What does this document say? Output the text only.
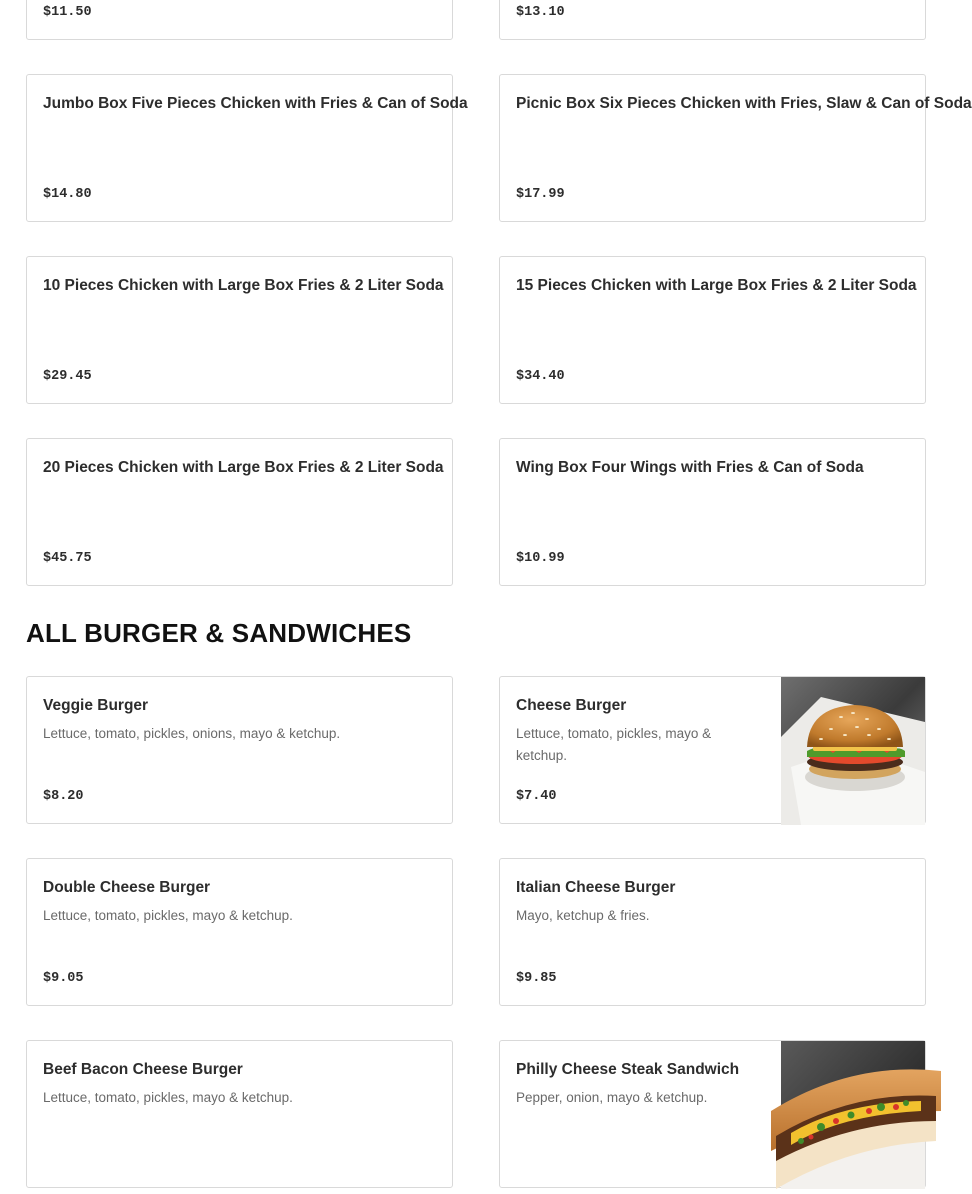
$11.50	$13.10
Jumbo Box Five Pieces Chicken with Fries & Can of Soda
$14.80
Picnic Box Six Pieces Chicken with Fries, Slaw & Can of Soda
$17.99
10 Pieces Chicken with Large Box Fries & 2 Liter Soda
$29.45
15 Pieces Chicken with Large Box Fries & 2 Liter Soda
$34.40
20 Pieces Chicken with Large Box Fries & 2 Liter Soda
$45.75
Wing Box Four Wings with Fries & Can of Soda
$10.99
ALL BURGER & SANDWICHES
Veggie Burger
Lettuce, tomato, pickles, onions, mayo & ketchup.
$8.20
Cheese Burger
Lettuce, tomato, pickles, mayo & ketchup.
$7.40
Double Cheese Burger
Lettuce, tomato, pickles, mayo & ketchup.
$9.05
Italian Cheese Burger
Mayo, ketchup & fries.
$9.85
Beef Bacon Cheese Burger
Lettuce, tomato, pickles, mayo & ketchup.
Philly Cheese Steak Sandwich
Pepper, onion, mayo & ketchup.
